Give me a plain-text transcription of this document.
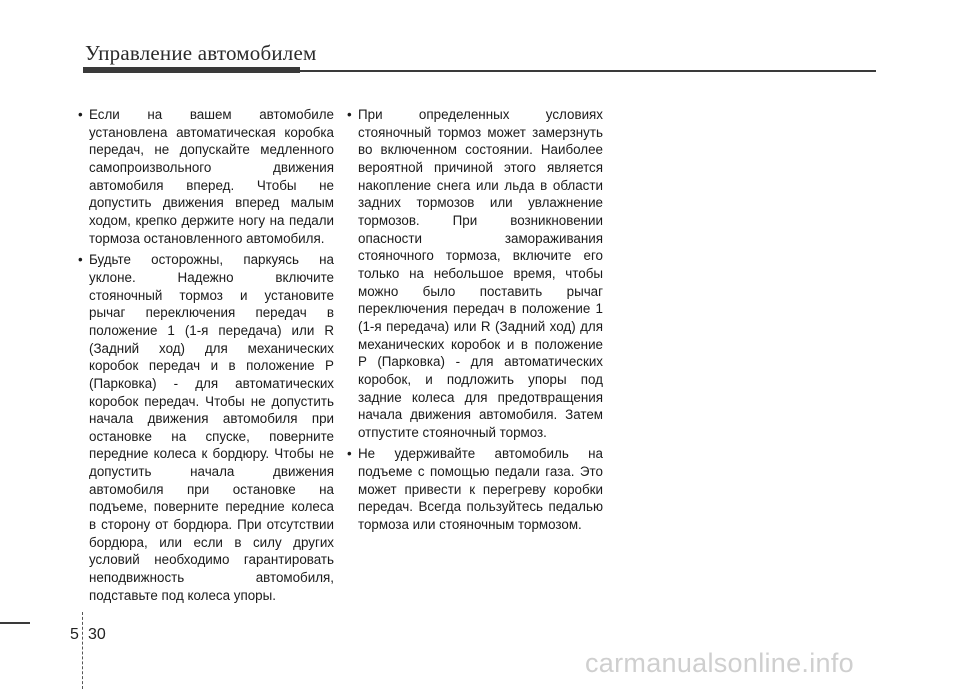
Управление автомобилем

• Если на вашем автомобиле установлена автоматическая коробка передач, не допускайте медленного самопроизвольного движения автомобиля вперед. Чтобы не допустить движения вперед малым ходом, крепко держите ногу на педали тормоза остановленного автомобиля.

• Будьте осторожны, паркуясь на уклоне. Надежно включите стояночный тормоз и установите рычаг переключения передач в положение 1 (1-я передача) или R (Задний ход) для механических коробок передач и в положение P (Парковка) - для автоматических коробок передач. Чтобы не допустить начала движения автомобиля при остановке на спуске, поверните передние колеса к бордюру. Чтобы не допустить начала движения автомобиля при остановке на подъеме, поверните передние колеса в сторону от бордюра. При отсутствии бордюра, или если в силу других условий необходимо гарантировать неподвижность автомобиля, подставьте под колеса упоры.

• При определенных условиях стояночный тормоз может замерзнуть во включенном состоянии. Наиболее вероятной причиной этого является накопление снега или льда в области задних тормозов или увлажнение тормозов. При возникновении опасности замораживания стояночного тормоза, включите его только на небольшое время, чтобы можно было поставить рычаг переключения передач в положение 1 (1-я передача) или R (Задний ход) для механических коробок и в положение P (Парковка) - для автоматических коробок, и подложить упоры под задние колеса для предотвращения начала движения автомобиля. Затем отпустите стояночный тормоз.

• Не удерживайте автомобиль на подъеме с помощью педали газа. Это может привести к перегреву коробки передач. Всегда пользуйтесь педалью тормоза или стояночным тормозом.

5 30
carmanualsonline.info
